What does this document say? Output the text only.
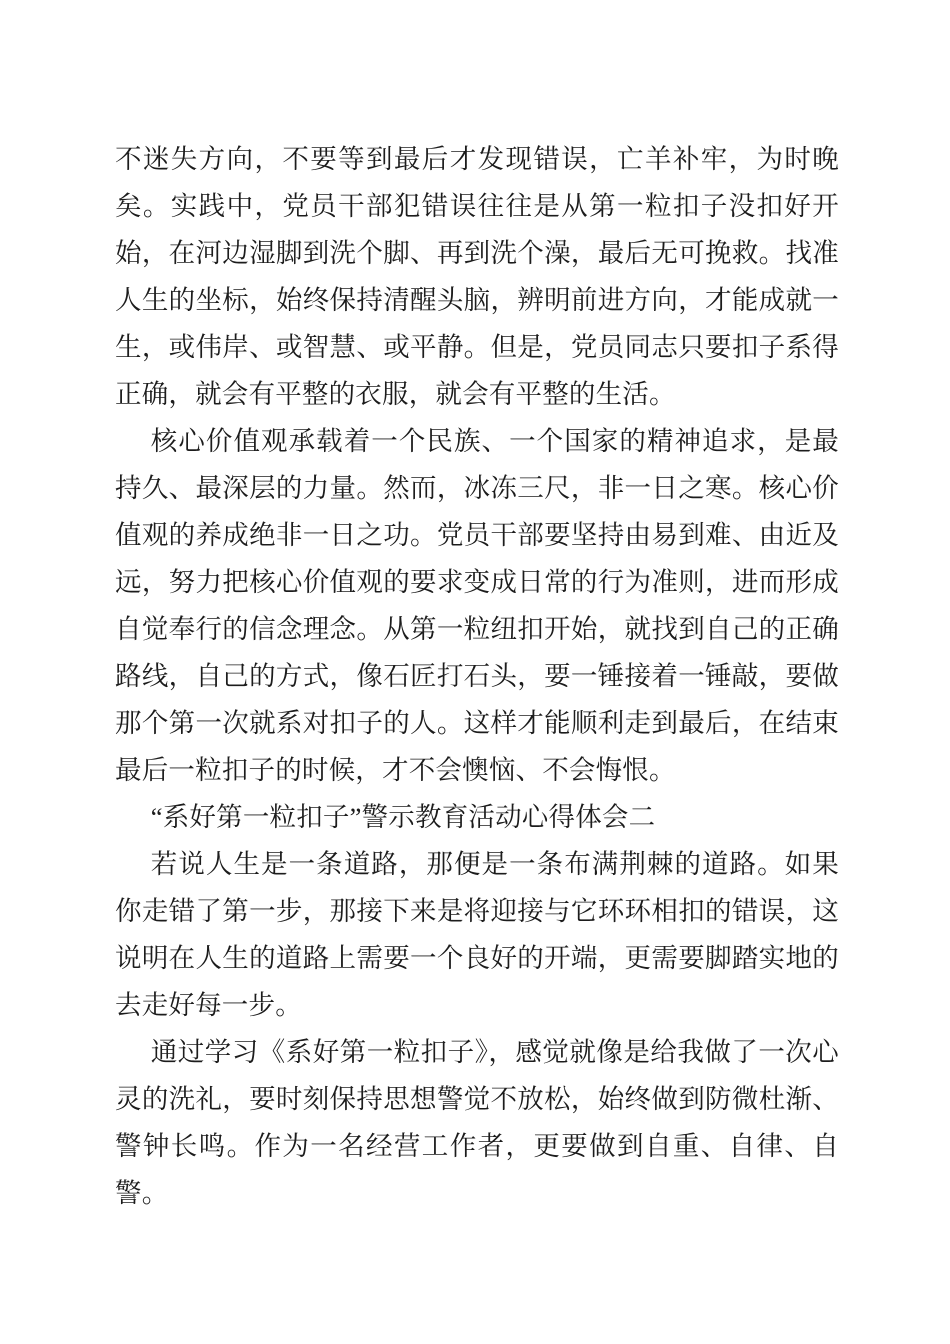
不迷失方向，不要等到最后才发现错误，亡羊补牢，为时晚矣。实践中，党员干部犯错误往往是从第一粒扣子没扣好开始，在河边湿脚到洗个脚、再到洗个澡，最后无可挽救。找准人生的坐标，始终保持清醒头脑，辨明前进方向，才能成就一生，或伟岸、或智慧、或平静。但是，党员同志只要扣子系得正确，就会有平整的衣服，就会有平整的生活。

核心价值观承载着一个民族、一个国家的精神追求，是最持久、最深层的力量。然而，冰冻三尺，非一日之寒。核心价值观的养成绝非一日之功。党员干部要坚持由易到难、由近及远，努力把核心价值观的要求变成日常的行为准则，进而形成自觉奉行的信念理念。从第一粒纽扣开始，就找到自己的正确路线，自己的方式，像石匠打石头，要一锤接着一锤敲，要做那个第一次就系对扣子的人。这样才能顺利走到最后，在结束最后一粒扣子的时候，才不会懊恼、不会悔恨。

“系好第一粒扣子”警示教育活动心得体会二

若说人生是一条道路，那便是一条布满荆棘的道路。如果你走错了第一步，那接下来是将迎接与它环环相扣的错误，这说明在人生的道路上需要一个良好的开端，更需要脚踏实地的去走好每一步。

通过学习《系好第一粒扣子》，感觉就像是给我做了一次心灵的洗礼，要时刻保持思想警觉不放松，始终做到防微杜渐、警钟长鸣。作为一名经营工作者，更要做到自重、自律、自警。
